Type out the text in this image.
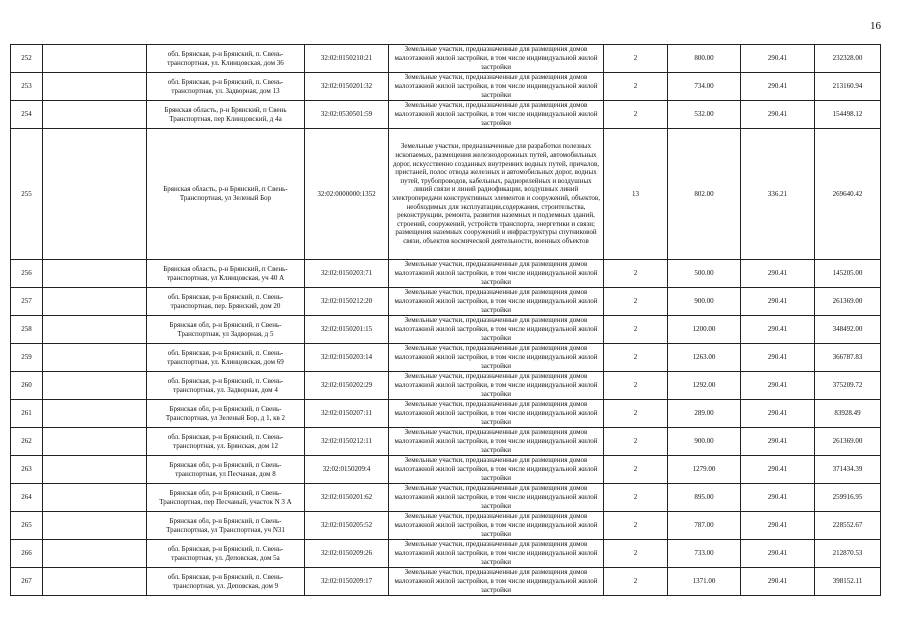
16
252		обл. Брянская, р-н Брянский, п. Свень-транспортная, ул. Клинцовская, дом 36	32:02:0150210:21	Земельные участки, предназначенные для размещения домов малоэтажной жилой застройки, в том числе индивидуальной жилой застройки	2	800.00	290.41	232328.00
253		обл. Брянская, р-н Брянский, п. Свень-транспортная, ул. Задворная, дом 13	32:02:0150201:32	Земельные участки, предназначенные для размещения домов малоэтажной жилой застройки, в том числе индивидуальной жилой застройки	2	734.00	290.41	213160.94
254		Брянская область, р-н Брянский, п Свень Транспортная, пер Клинцовский, д 4а	32:02:0530501:59	Земельные участки, предназначенные для размещения домов малоэтажной жилой застройки, в том числе индивидуальной жилой застройки	2	532.00	290.41	154498.12
255		Брянская область, р-н Брянский, п Свень-Транспортная, ул Зеленый Бор	32:02:0000000:1352	Земельные участки, предназначенные для разработки полезных ископаемых, размещения железнодорожных путей, автомобильных дорог, искусственно созданных внутренних водных путей, причалов, пристаней, полос отвода железных и автомобильных дорог, водных путей, трубопроводов, кабельных, радиорелейных и воздушных линий связи и линий радиофикации, воздушных линий электропередачи конструктивных элементов и сооружений, объектов, необходимых для эксплуатации,содержания, строительства, реконструкции, ремонта, развития наземных и подземных зданий, строений, сооружений, устройств транспорта, энергетики и связи; размещения наземных сооружений и инфраструктуры спутниковой связи, объектов космической деятельности, военных объектов	13	802.00	336.21	269640.42
256		Брянская область, р-н Брянский, п Свень-транспортная, ул Клинцовская, уч 40 А	32:02:0150203:71	Земельные участки, предназначенные для размещения домов малоэтажной жилой застройки, в том числе индивидуальной жилой застройки	2	500.00	290.41	145205.00
257		обл. Брянская, р-н Брянский, п. Свень-транспортная, пер. Брянский, дом 20	32:02:0150212:20	Земельные участки, предназначенные для размещения домов малоэтажной жилой застройки, в том числе индивидуальной жилой застройки	2	900.00	290.41	261369.00
258		Брянская обл, р-н Брянский, п Свень-Транспортная, ул Задворная, д 5	32:02:0150201:15	Земельные участки, предназначенные для размещения домов малоэтажной жилой застройки, в том числе индивидуальной жилой застройки	2	1200.00	290.41	348492.00
259		обл. Брянская, р-н Брянский, п. Свень-транспортная, ул. Клинцовская, дом 69	32:02:0150203:14	Земельные участки, предназначенные для размещения домов малоэтажной жилой застройки, в том числе индивидуальной жилой застройки	2	1263.00	290.41	366787.83
260		обл. Брянская, р-н Брянский, п. Свень-транспортная, ул. Задворная, дом 4	32:02:0150202:29	Земельные участки, предназначенные для размещения домов малоэтажной жилой застройки, в том числе индивидуальной жилой застройки	2	1292.00	290.41	375209.72
261		Брянская обл, р-н Брянский, п Свень-Транспортная, ул Зеленый Бор, д 1, кв 2	32:02:0150207:11	Земельные участки, предназначенные для размещения домов малоэтажной жилой застройки, в том числе индивидуальной жилой застройки	2	289.00	290.41	83928.49
262		обл. Брянская, р-н Брянский, п. Свень-транспортная, ул. Брянская, дом 12	32:02:0150212:11	Земельные участки, предназначенные для размещения домов малоэтажной жилой застройки, в том числе индивидуальной жилой застройки	2	900.00	290.41	261369.00
263		Брянская обл, р-н Брянский, п Свень-транспортная, ул Песчаная, дом 8	32:02:0150209:4	Земельные участки, предназначенные для размещения домов малоэтажной жилой застройки, в том числе индивидуальной жилой застройки	2	1279.00	290.41	371434.39
264		Брянская обл, р-н Брянский, п Свень-Транспортная, пер Песчаный, участок N 3 А	32:02:0150201:62	Земельные участки, предназначенные для размещения домов малоэтажной жилой застройки, в том числе индивидуальной жилой застройки	2	895.00	290.41	259916.95
265		Брянская обл, р-н Брянский, п Свень-Транспортная, ул Транспортная, уч N31	32:02:0150205:52	Земельные участки, предназначенные для размещения домов малоэтажной жилой застройки, в том числе индивидуальной жилой застройки	2	787.00	290.41	228552.67
266		обл. Брянская, р-н Брянский, п. Свень-транспортная, ул. Деповская, дом 5а	32:02:0150209:26	Земельные участки, предназначенные для размещения домов малоэтажной жилой застройки, в том числе индивидуальной жилой застройки	2	733.00	290.41	212870.53
267		обл. Брянская, р-н Брянский, п. Свень-транспортная, ул. Деповская, дом 9	32:02:0150209:17	Земельные участки, предназначенные для размещения домов малоэтажной жилой застройки, в том числе индивидуальной жилой застройки	2	1371.00	290.41	398152.11
